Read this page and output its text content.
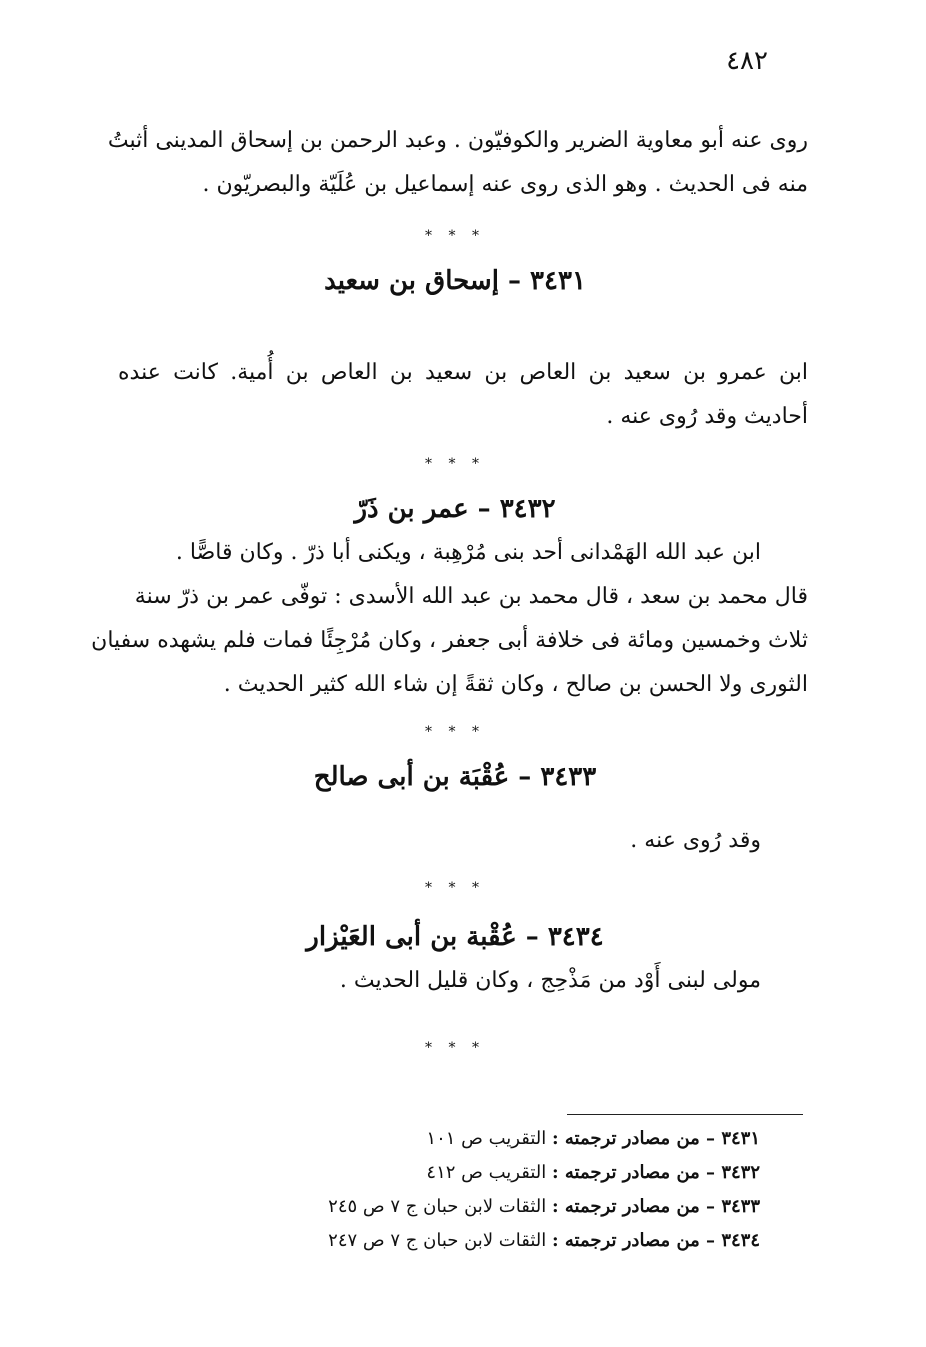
٤٨٢
روى عنه أبو معاوية الضرير والكوفيّون . وعبد الرحمن بن إسحاق المدينى أثبتُ
منه فى الحديث . وهو الذى روى عنه إسماعيل بن عُلَيّة والبصريّون .
* * *
٣٤٣١ – إسحاق بن سعيد
ابن عمرو بن سعيد بن العاص بن سعيد بن العاص بن أُمية. كانت عنده
أحاديث وقد رُوى عنه .
* * *
٣٤٣٢ – عمر بن ذَرّ
ابن عبد الله الهَمْدانى أحد بنى مُرْهِبة ، ويكنى أبا ذرّ . وكان قاصًّا .
قال محمد بن سعد ، قال محمد بن عبد الله الأسدى : توفّى عمر بن ذرّ سنة
ثلاث وخمسين ومائة فى خلافة أبى جعفر ، وكان مُرْجِئًا فمات فلم يشهده سفيان
الثورى ولا الحسن بن صالح ، وكان ثقةً إن شاء الله كثير الحديث .
* * *
٣٤٣٣ – عُقْبَة بن أبى صالح
وقد رُوى عنه .
* * *
٣٤٣٤ – عُقْبة بن أبى العَيْزار
مولى لبنى أَوْد من مَذْحِج ، وكان قليل الحديث .
* * *
٣٤٣١ – من مصادر ترجمته : التقريب ص ١٠١
٣٤٣٢ – من مصادر ترجمته : التقريب ص ٤١٢
٣٤٣٣ – من مصادر ترجمته : الثقات لابن حبان ج ٧ ص ٢٤٥
٣٤٣٤ – من مصادر ترجمته : الثقات لابن حبان ج ٧ ص ٢٤٧
